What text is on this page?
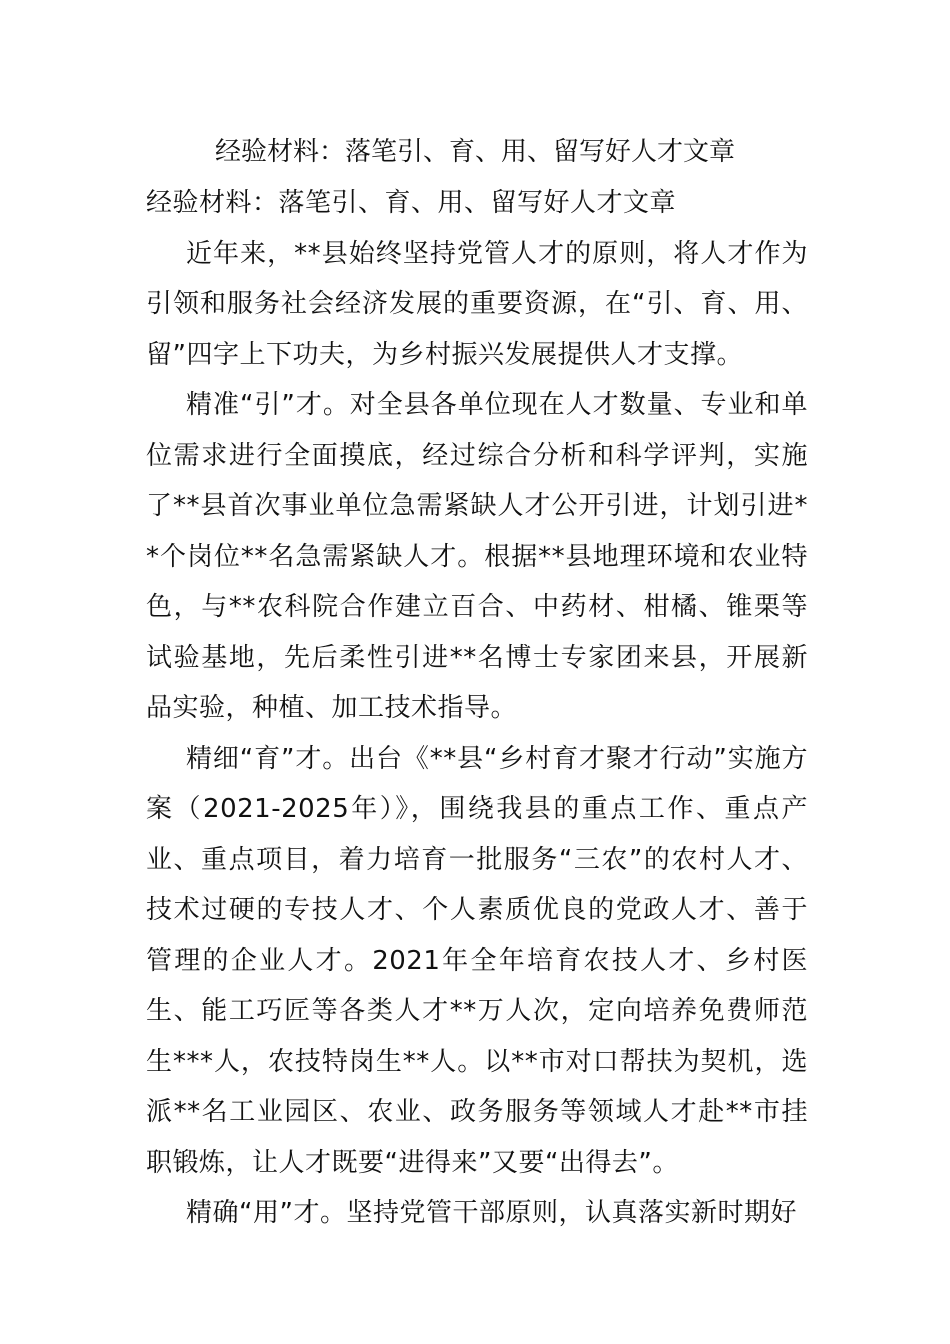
经验材料：落笔引、育、用、留写好人才文章

经验材料：落笔引、育、用、留写好人才文章

近年来，**县始终坚持党管人才的原则，将人才作为引领和服务社会经济发展的重要资源，在“引、育、用、留”四字上下功夫，为乡村振兴发展提供人才支撑。

精准“引”才。对全县各单位现在人才数量、专业和单位需求进行全面摸底，经过综合分析和科学评判，实施了**县首次事业单位急需紧缺人才公开引进，计划引进**个岗位**名急需紧缺人才。根据**县地理环境和农业特色，与**农科院合作建立百合、中药材、柑橘、锥栗等试验基地，先后柔性引进**名博士专家团来县，开展新品实验，种植、加工技术指导。

精细“育”才。出台《**县“乡村育才聚才行动”实施方案（2021-2025年）》，围绕我县的重点工作、重点产业、重点项目，着力培育一批服务“三农”的农村人才、技术过硬的专技人才、个人素质优良的党政人才、善于管理的企业人才。2021年全年培育农技人才、乡村医生、能工巧匠等各类人才**万人次，定向培养免费师范生***人，农技特岗生**人。以**市对口帮扶为契机，选派**名工业园区、农业、政务服务等领域人才赴**市挂职锻炼，让人才既要“进得来”又要“出得去”。

精确“用”才。坚持党管干部原则，认真落实新时期好
